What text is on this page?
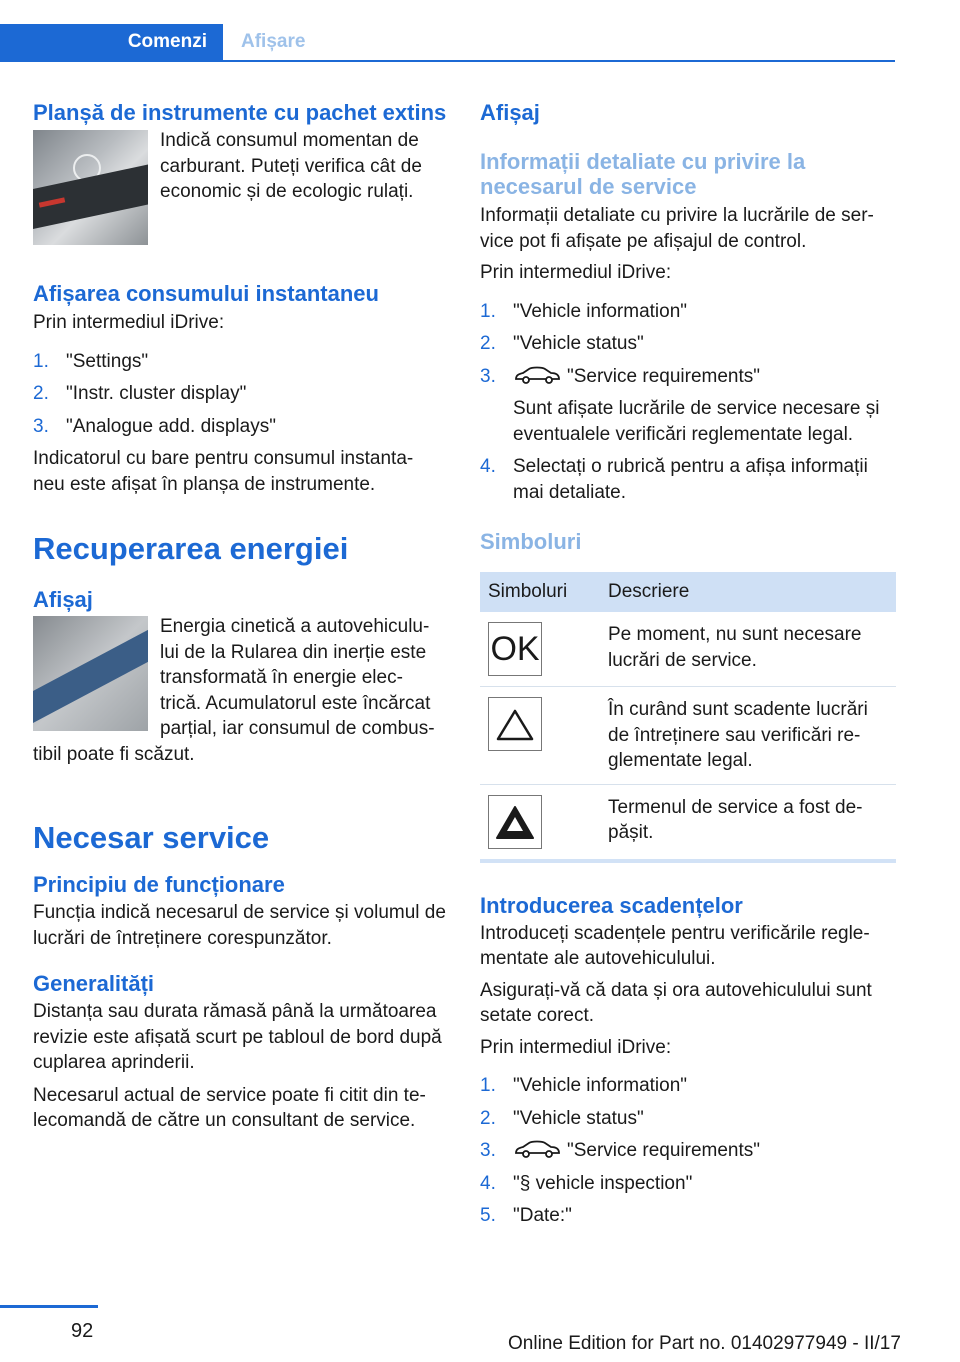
Comenzi	Afișare
Planșă de instrumente cu pachet extins

Indică consumul momentan de carburant. Puteți verifica cât de economic și de ecologic rulați.

Afișarea consumului instantaneu

Prin intermediul iDrive:

1. "Settings"
2. "Instr. cluster display"
3. "Analogue add. displays"

Indicatorul cu bare pentru consumul instanta‐ neu este afișat în planșa de instrumente.

Recuperarea energiei
Afișaj

Energia cinetică a autovehiculu‐ lui de la Rularea din inerție este transformată în energie elec‐ trică. Acumulatorul este încărcat parțial, iar consumul de combus‐ tibil poate fi scăzut.

Necesar service
Principiu de funcționare

Funcția indică necesarul de service și volumul de lucrări de întreținere corespunzător.

Generalități

Distanța sau durata rămasă până la următoarea revizie este afișată scurt pe tabloul de bord după cuplarea aprinderii.

Necesarul actual de service poate fi citit din te‐ lecomandă de către un consultant de service.

Afișaj
Informații detaliate cu privire la necesarul de service

Informații detaliate cu privire la lucrările de ser‐ vice pot fi afișate pe afișajul de control.

Prin intermediul iDrive:

1. "Vehicle information"
2. "Vehicle status"
3.	"Service requirements"
Sunt afișate lucrările de service necesare și eventualele verificări reglementate legal.
4. Selectați o rubrică pentru a afișa informații mai detaliate.
Simboluri
Simboluri	Descriere

OK	Pe moment, nu sunt necesare lucrări de service.

	În curând sunt scadente lucrări de întreținere sau verificări re‐ glementate legal.

	Termenul de service a fost de‐ pășit.
Introducerea scadențelor

Introduceți scadențele pentru verificările regle‐ mentate ale autovehiculului.

Asigurați-vă că data și ora autovehiculului sunt setate corect.

Prin intermediul iDrive:

1. "Vehicle information"
2. "Vehicle status"
3.	"Service requirements"
4. "§ vehicle inspection"
5. "Date:"
92
Online Edition for Part no. 01402977949 - II/17
